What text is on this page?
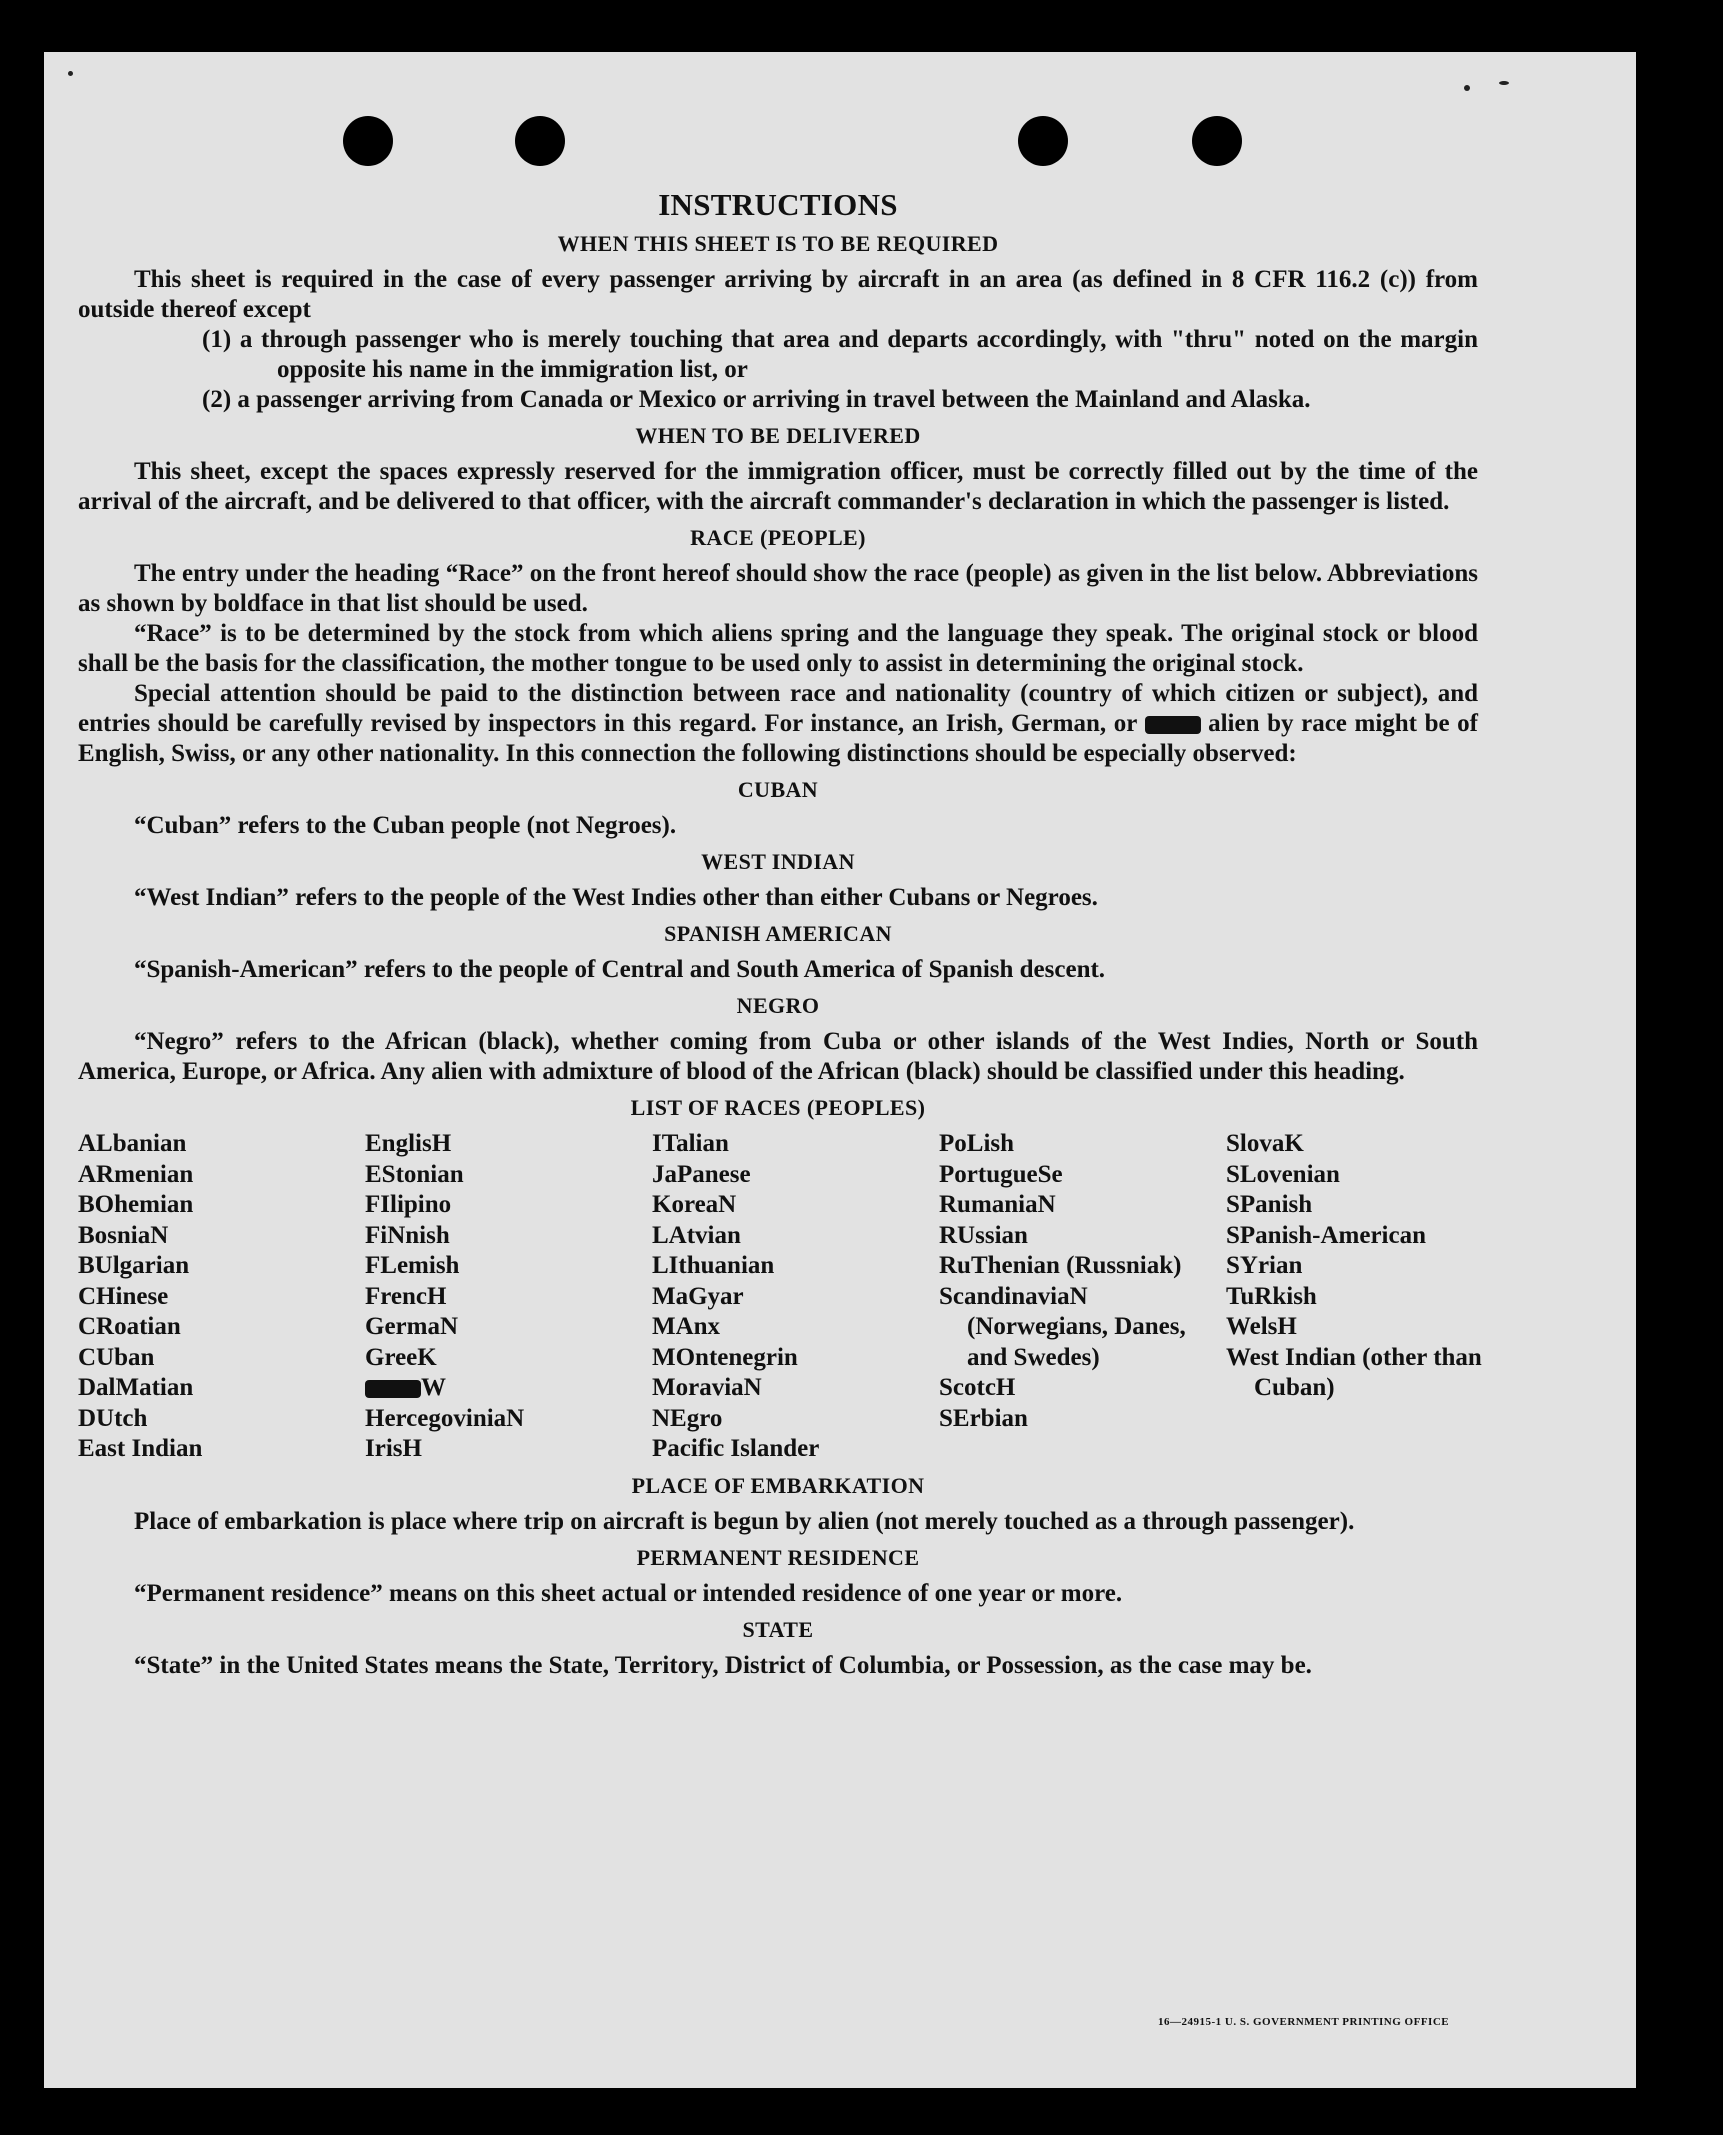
INSTRUCTIONS
WHEN THIS SHEET IS TO BE REQUIRED

This sheet is required in the case of every passenger arriving by aircraft in an area (as defined in 8 CFR 116.2 (c)) from outside thereof except

(1) a through passenger who is merely touching that area and departs accordingly, with "thru" noted on the margin opposite his name in the immigration list, or
(2) a passenger arriving from Canada or Mexico or arriving in travel between the Mainland and Alaska.
WHEN TO BE DELIVERED

This sheet, except the spaces expressly reserved for the immigration officer, must be correctly filled out by the time of the arrival of the aircraft, and be delivered to that officer, with the aircraft commander's declaration in which the passenger is listed.

RACE (PEOPLE)

The entry under the heading “Race” on the front hereof should show the race (people) as given in the list below. Abbreviations as shown by boldface in that list should be used.

“Race” is to be determined by the stock from which aliens spring and the language they speak. The original stock or blood shall be the basis for the classification, the mother tongue to be used only to assist in determining the original stock.

Special attention should be paid to the distinction between race and nationality (country of which citizen or subject), and entries should be carefully revised by inspectors in this regard. For instance, an Irish, German, or	alien by race might be of English, Swiss, or any other nationality. In this connection the following distinctions should be especially observed:

CUBAN

“Cuban” refers to the Cuban people (not Negroes).

WEST INDIAN

“West Indian” refers to the people of the West Indies other than either Cubans or Negroes.

SPANISH AMERICAN

“Spanish-American” refers to the people of Central and South America of Spanish descent.

NEGRO

“Negro” refers to the African (black), whether coming from Cuba or other islands of the West Indies, North or South America, Europe, or Africa. Any alien with admixture of blood of the African (black) should be classified under this heading.

LIST OF RACES (PEOPLES)
ALbanian
ARmenian
BOhemian
BosniaN
BUlgarian
CHinese
CRoatian
CUban
DalMatian
DUtch
East Indian
EnglisH
EStonian
FIlipino
FiNnish
FLemish
FrencH
GermaN
GreeK
W
HercegoviniaN
IrisH
ITalian
JaPanese
KoreaN
LAtvian
LIthuanian
MaGyar
MAnx
MOntenegrin
MoraviaN
NEgro
Pacific Islander
PoLish
PortugueSe
RumaniaN
RUssian
RuThenian (Russniak)
ScandinaviaN (Norwegians, Danes, and Swedes)
ScotcH
SErbian
SlovaK
SLovenian
SPanish
SPanish-American
SYrian
TuRkish
WelsH
West Indian (other than Cuban)
PLACE OF EMBARKATION

Place of embarkation is place where trip on aircraft is begun by alien (not merely touched as a through passenger).

PERMANENT RESIDENCE

“Permanent residence” means on this sheet actual or intended residence of one year or more.

STATE

“State” in the United States means the State, Territory, District of Columbia, or Possession, as the case may be.

16—24915-1 U. S. GOVERNMENT PRINTING OFFICE
